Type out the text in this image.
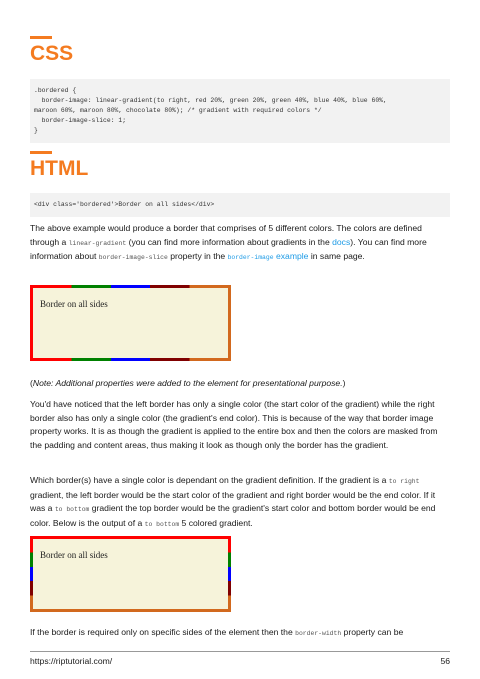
CSS
.bordered {
border-image: linear-gradient(to right, red 20%, green 20%, green 40%, blue 40%, blue 60%,
maroon 60%, maroon 80%, chocolate 80%); /* gradient with required colors */
border-image-slice: 1;
}
HTML
<div class='bordered'>Border on all sides</div>

The above example would produce a border that comprises of 5 different colors. The colors are defined through a linear-gradient (you can find more information about gradients in the docs). You can find more information about border-image-slice property in the border-image example in same page.

Border on all sides

(Note: Additional properties were added to the element for presentational purpose.)

You'd have noticed that the left border has only a single color (the start color of the gradient) while the right border also has only a single color (the gradient's end color). This is because of the way that border image property works. It is as though the gradient is applied to the entire box and then the colors are masked from the padding and content areas, thus making it look as though only the border has the gradient.

Which border(s) have a single color is dependant on the gradient definition. If the gradient is a to right gradient, the left border would be the start color of the gradient and right border would be the end color. If it was a to bottom gradient the top border would be the gradient's start color and bottom border would be end color. Below is the output of a to bottom 5 colored gradient.

Border on all sides

If the border is required only on specific sides of the element then the border-width property can be

https://riptutorial.com/	56
